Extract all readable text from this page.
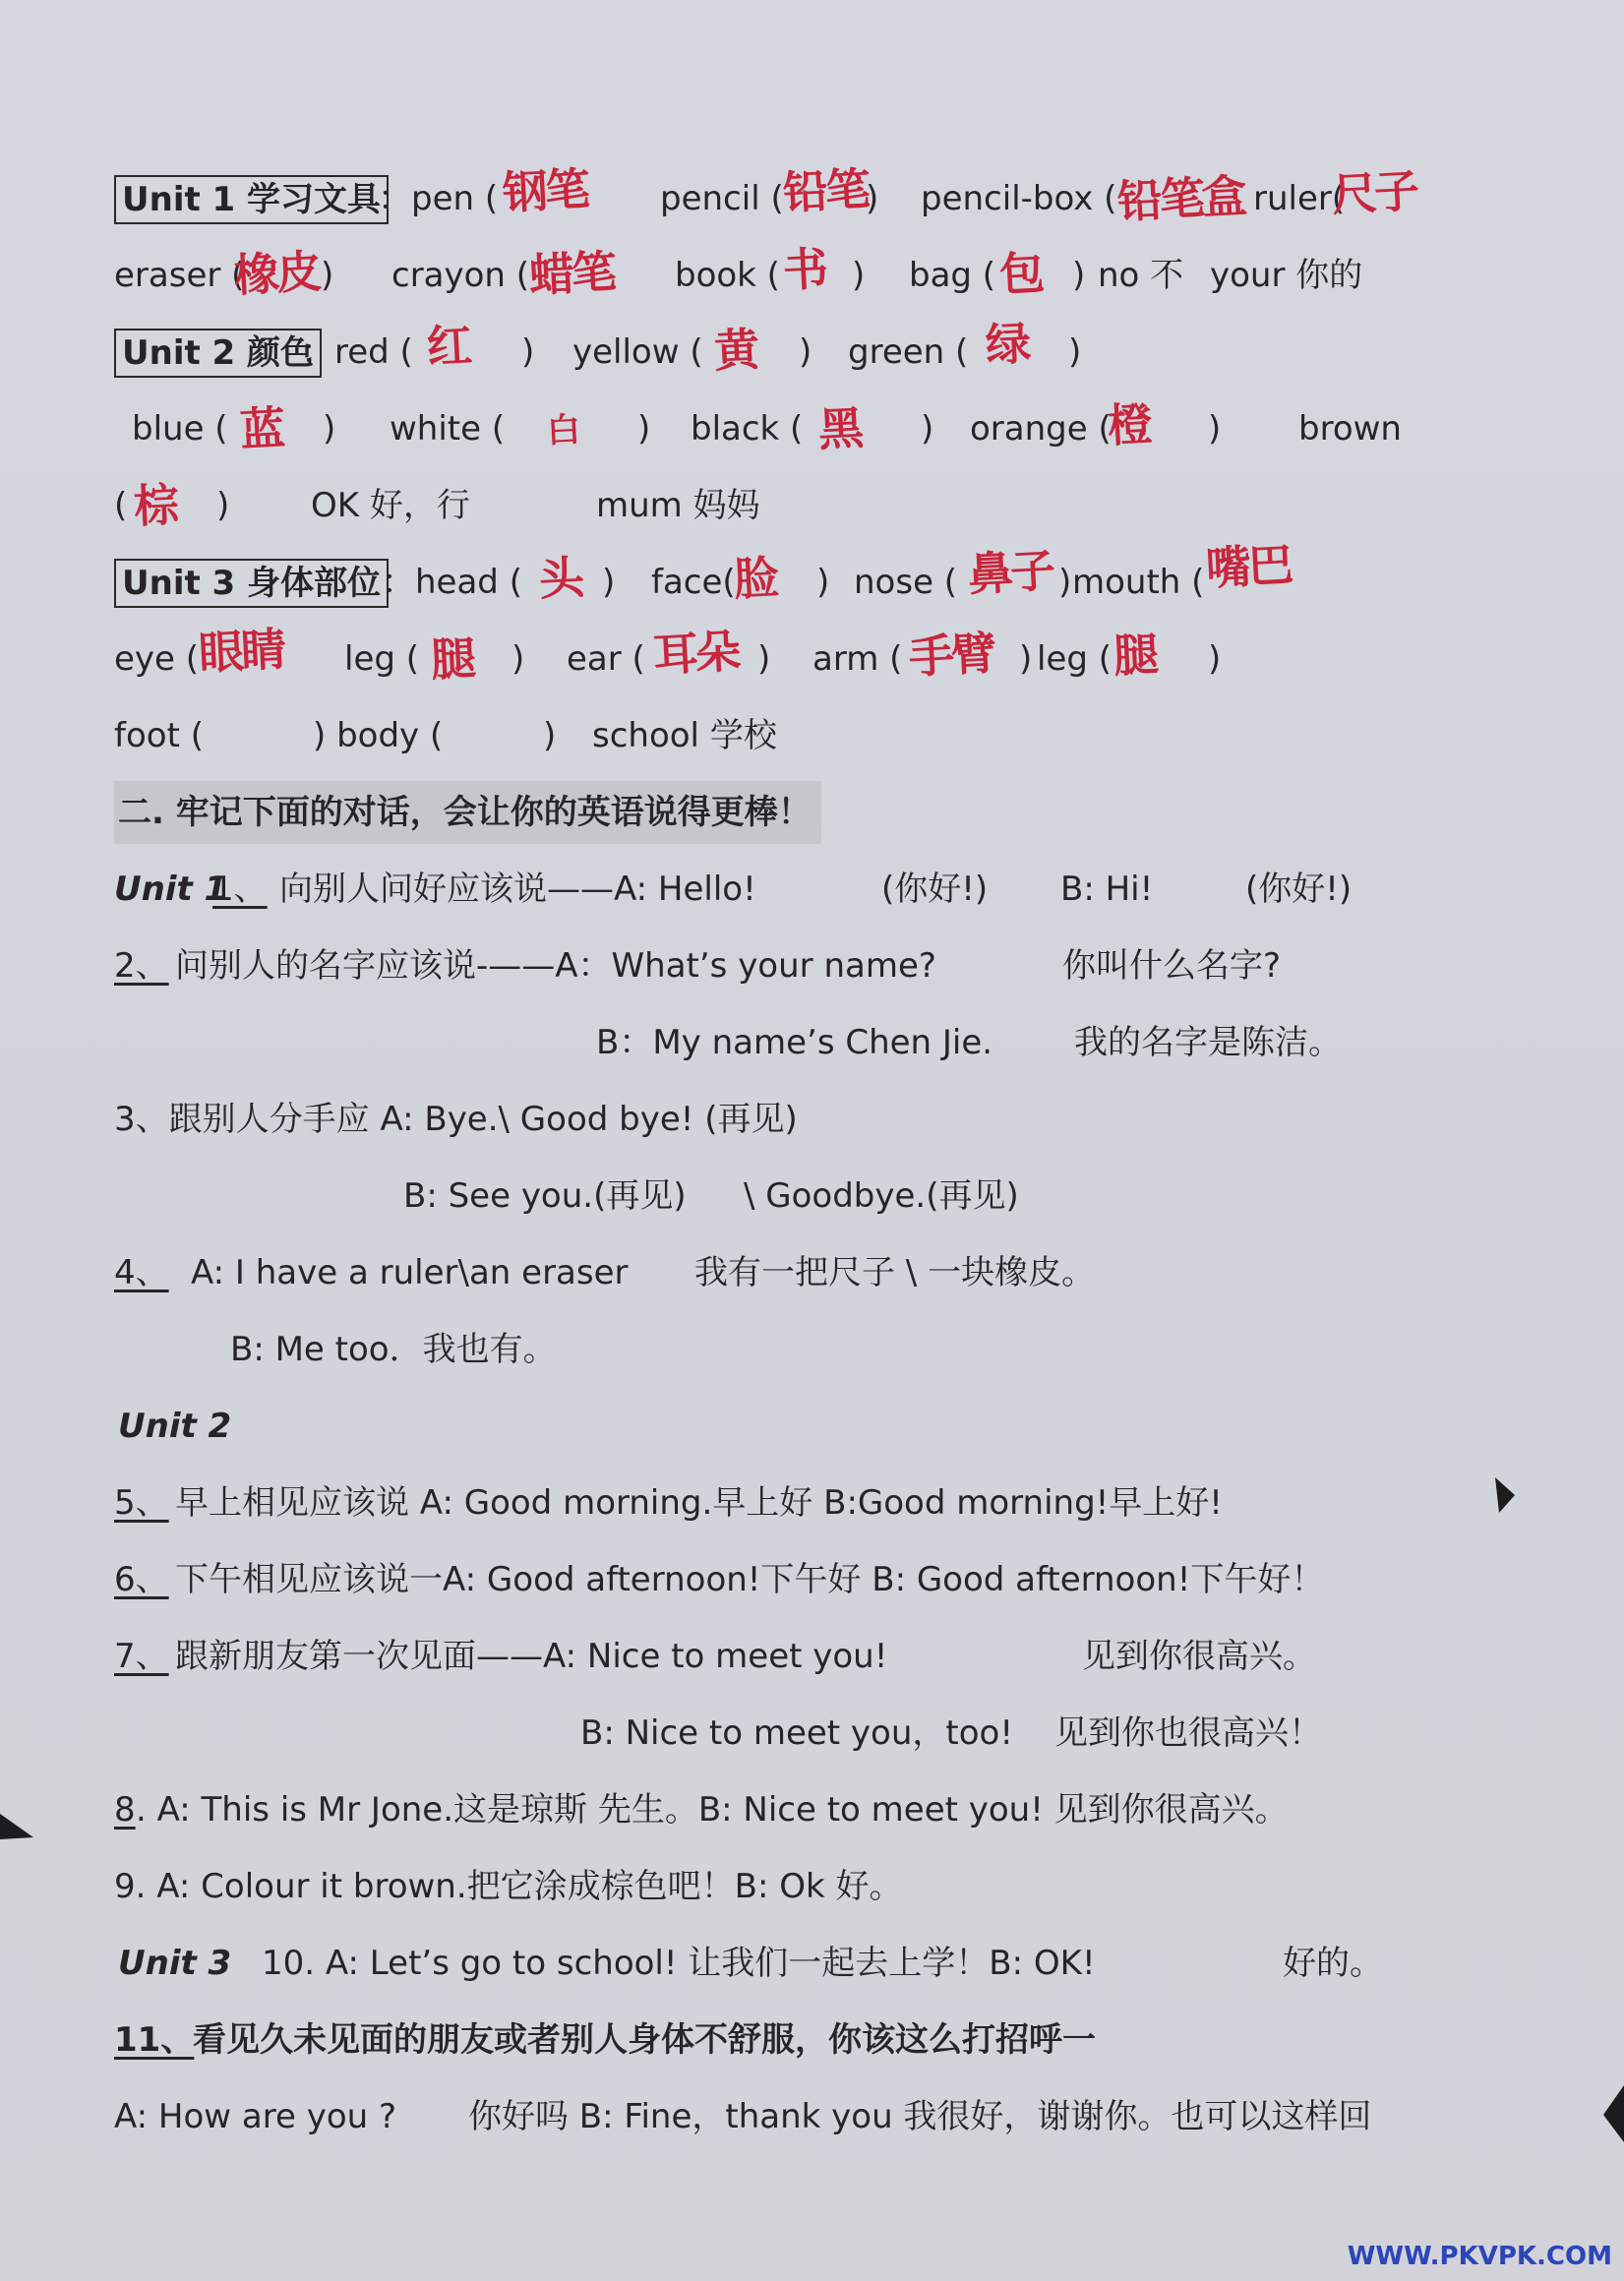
Unit 1 学习文具
：pen ( 钢笔 pencil (
铅笔
) pencil-box ( 铅笔盒 ruler(
尺子
eraser (
橡皮 ) crayon (
蜡笔 book ( 书 ) bag ( 包 ) no 不 your 你的
Unit 2 颜色
：red ( 红 ) yellow ( 黄 ) green ( 绿 )
blue ( 蓝 ) white ( 白 ) black ( 黑 ) orange (
橙 ) brown
( 棕 ) OK 好，行	mum 妈妈
Unit 3 身体部位 ：head ( 头 ) face(
脸 ) nose ( 鼻子 ) mouth ( 嘴巴
eye (
眼睛 leg ( 腿 ) ear ( 耳朵 ) arm ( 手臂 ) leg ( 腿 )
foot (	) body (	) school 学校
二. 牢记下面的对话，会让你的英语说得更棒！
Unit 1
1、 向别人问好应该说——A: Hello!	(你好!) B: Hi!	(你好!)
2、 问别人的名字应该说-——A：What’s your name?	你叫什么名字?
B：My name’s Chen Jie. 我的名字是陈洁。
3、跟别人分手应 A: Bye.\ Good bye! (再见)
B: See you.(再见) \ Goodbye.(再见)
4、 A: I have a ruler\an eraser 我有一把尺子 \ 一块橡皮。
B: Me too．我也有。
Unit 2
5、 早上相见应该说 A: Good morning.早上好 B:Good morning!早上好!
6、 下午相见应该说一A: Good afternoon!下午好 B: Good afternoon!下午好！
7、 跟新朋友第一次见面——A: Nice to meet you!	见到你很高兴。
B: Nice to meet you，too! 见到你也很高兴！
8 . A: This is Mr Jone.这是琼斯 先生。B: Nice to meet you! 见到你很高兴。
9. A: Colour it brown.把它涂成棕色吧！B: Ok 好。
Unit 3 10. A: Let’s go to school! 让我们一起去上学！B: OK!	好的。
11、
看见久未见面的朋友或者别人身体不舒服，你该这么打招呼一
A: How are you ? 你好吗 B: Fine，thank you 我很好，谢谢你。也可以这样回
WWW.PKVPK.COM
